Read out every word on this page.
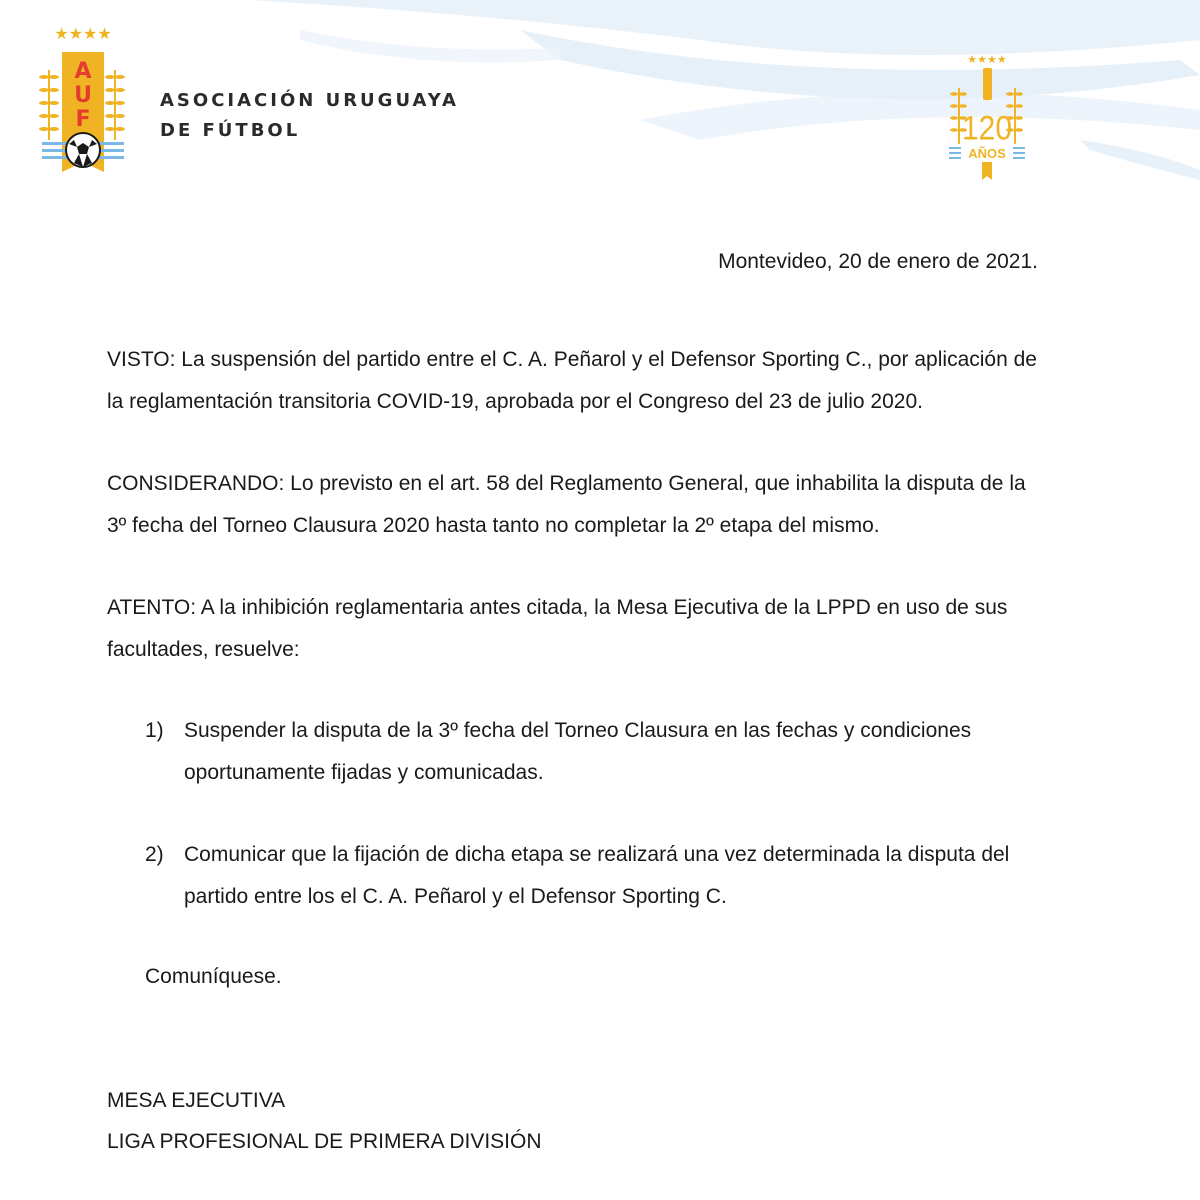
★★★★
A
U
F
ASOCIACIÓN URUGUAYA
DE FÚTBOL
★★★★
120
AÑOS
Montevideo, 20 de enero de 2021.

VISTO: La suspensión del partido entre el C. A. Peñarol y el Defensor Sporting C., por aplicación de la reglamentación transitoria COVID-19, aprobada por el Congreso del 23 de julio 2020.

CONSIDERANDO: Lo previsto en el art. 58 del Reglamento General, que inhabilita la disputa de la 3º fecha del Torneo Clausura 2020 hasta tanto no completar la 2º etapa del mismo.

ATENTO: A la inhibición reglamentaria antes citada, la Mesa Ejecutiva de la LPPD en uso de sus facultades, resuelve:

1) Suspender la disputa de la 3º fecha del Torneo Clausura en las fechas y condiciones oportunamente fijadas y comunicadas.
2) Comunicar que la fijación de dicha etapa se realizará una vez determinada la disputa del partido entre los el C. A. Peñarol y el Defensor Sporting C.
Comuníquese.
MESA EJECUTIVA
LIGA PROFESIONAL DE PRIMERA DIVISIÓN
